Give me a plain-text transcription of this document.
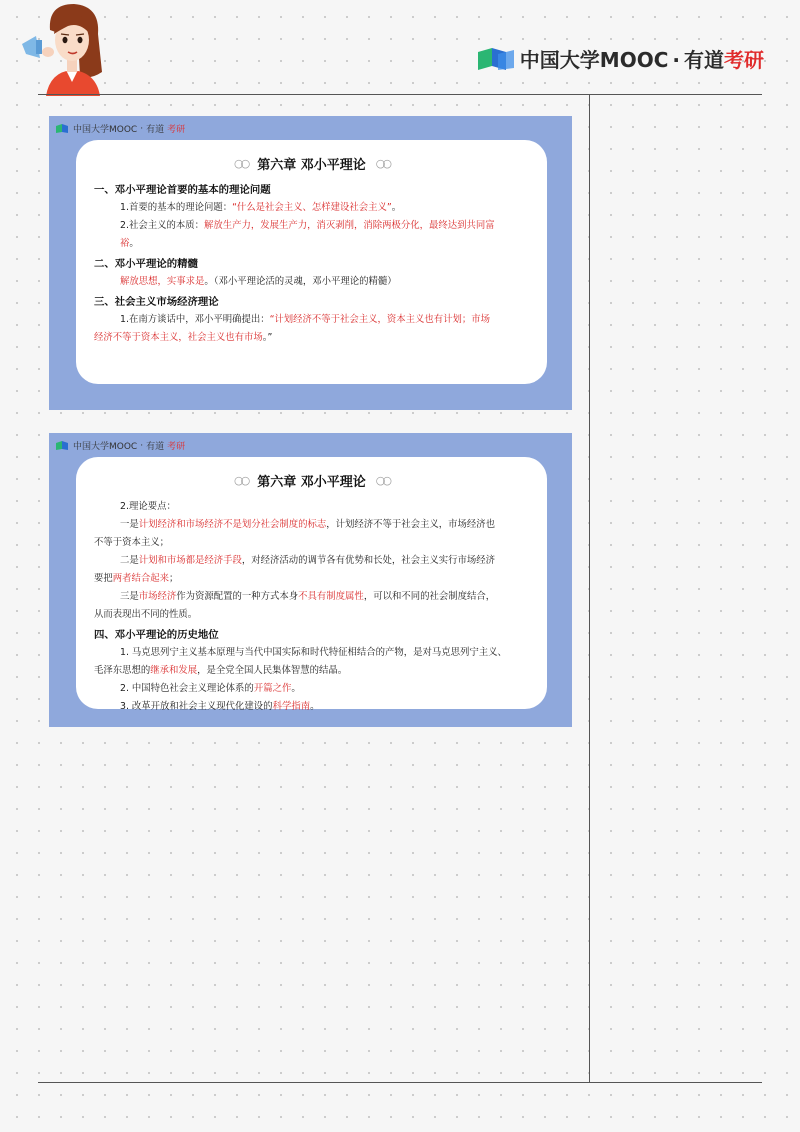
中国大学MOOC · 有道考研
中国大学MOOC · 有道 考研
○○ 第六章 邓小平理论 ○○

一、邓小平理论首要的基本的理论问题

1.首要的基本的理论问题：“什么是社会主义、怎样建设社会主义”。

2.社会主义的本质：解放生产力，发展生产力，消灭剥削，消除两极分化，最终达到共同富
裕。

二、邓小平理论的精髓

解放思想，实事求是。（邓小平理论活的灵魂，邓小平理论的精髓）

三、社会主义市场经济理论

1.在南方谈话中，邓小平明确提出：“计划经济不等于社会主义，资本主义也有计划；市场
经济不等于资本主义，社会主义也有市场。”

中国大学MOOC · 有道 考研
○○ 第六章 邓小平理论 ○○

2.理论要点：

一是计划经济和市场经济不是划分社会制度的标志，计划经济不等于社会主义，市场经济也
不等于资本主义；

二是计划和市场都是经济手段，对经济活动的调节各有优势和长处，社会主义实行市场经济
要把两者结合起来；

三是市场经济作为资源配置的一种方式本身不具有制度属性，可以和不同的社会制度结合，
从而表现出不同的性质。

四、邓小平理论的历史地位

1. 马克思列宁主义基本原理与当代中国实际和时代特征相结合的产物，是对马克思列宁主义、
毛泽东思想的继承和发展，是全党全国人民集体智慧的结晶。

2. 中国特色社会主义理论体系的开篇之作。

3. 改革开放和社会主义现代化建设的科学指南。
